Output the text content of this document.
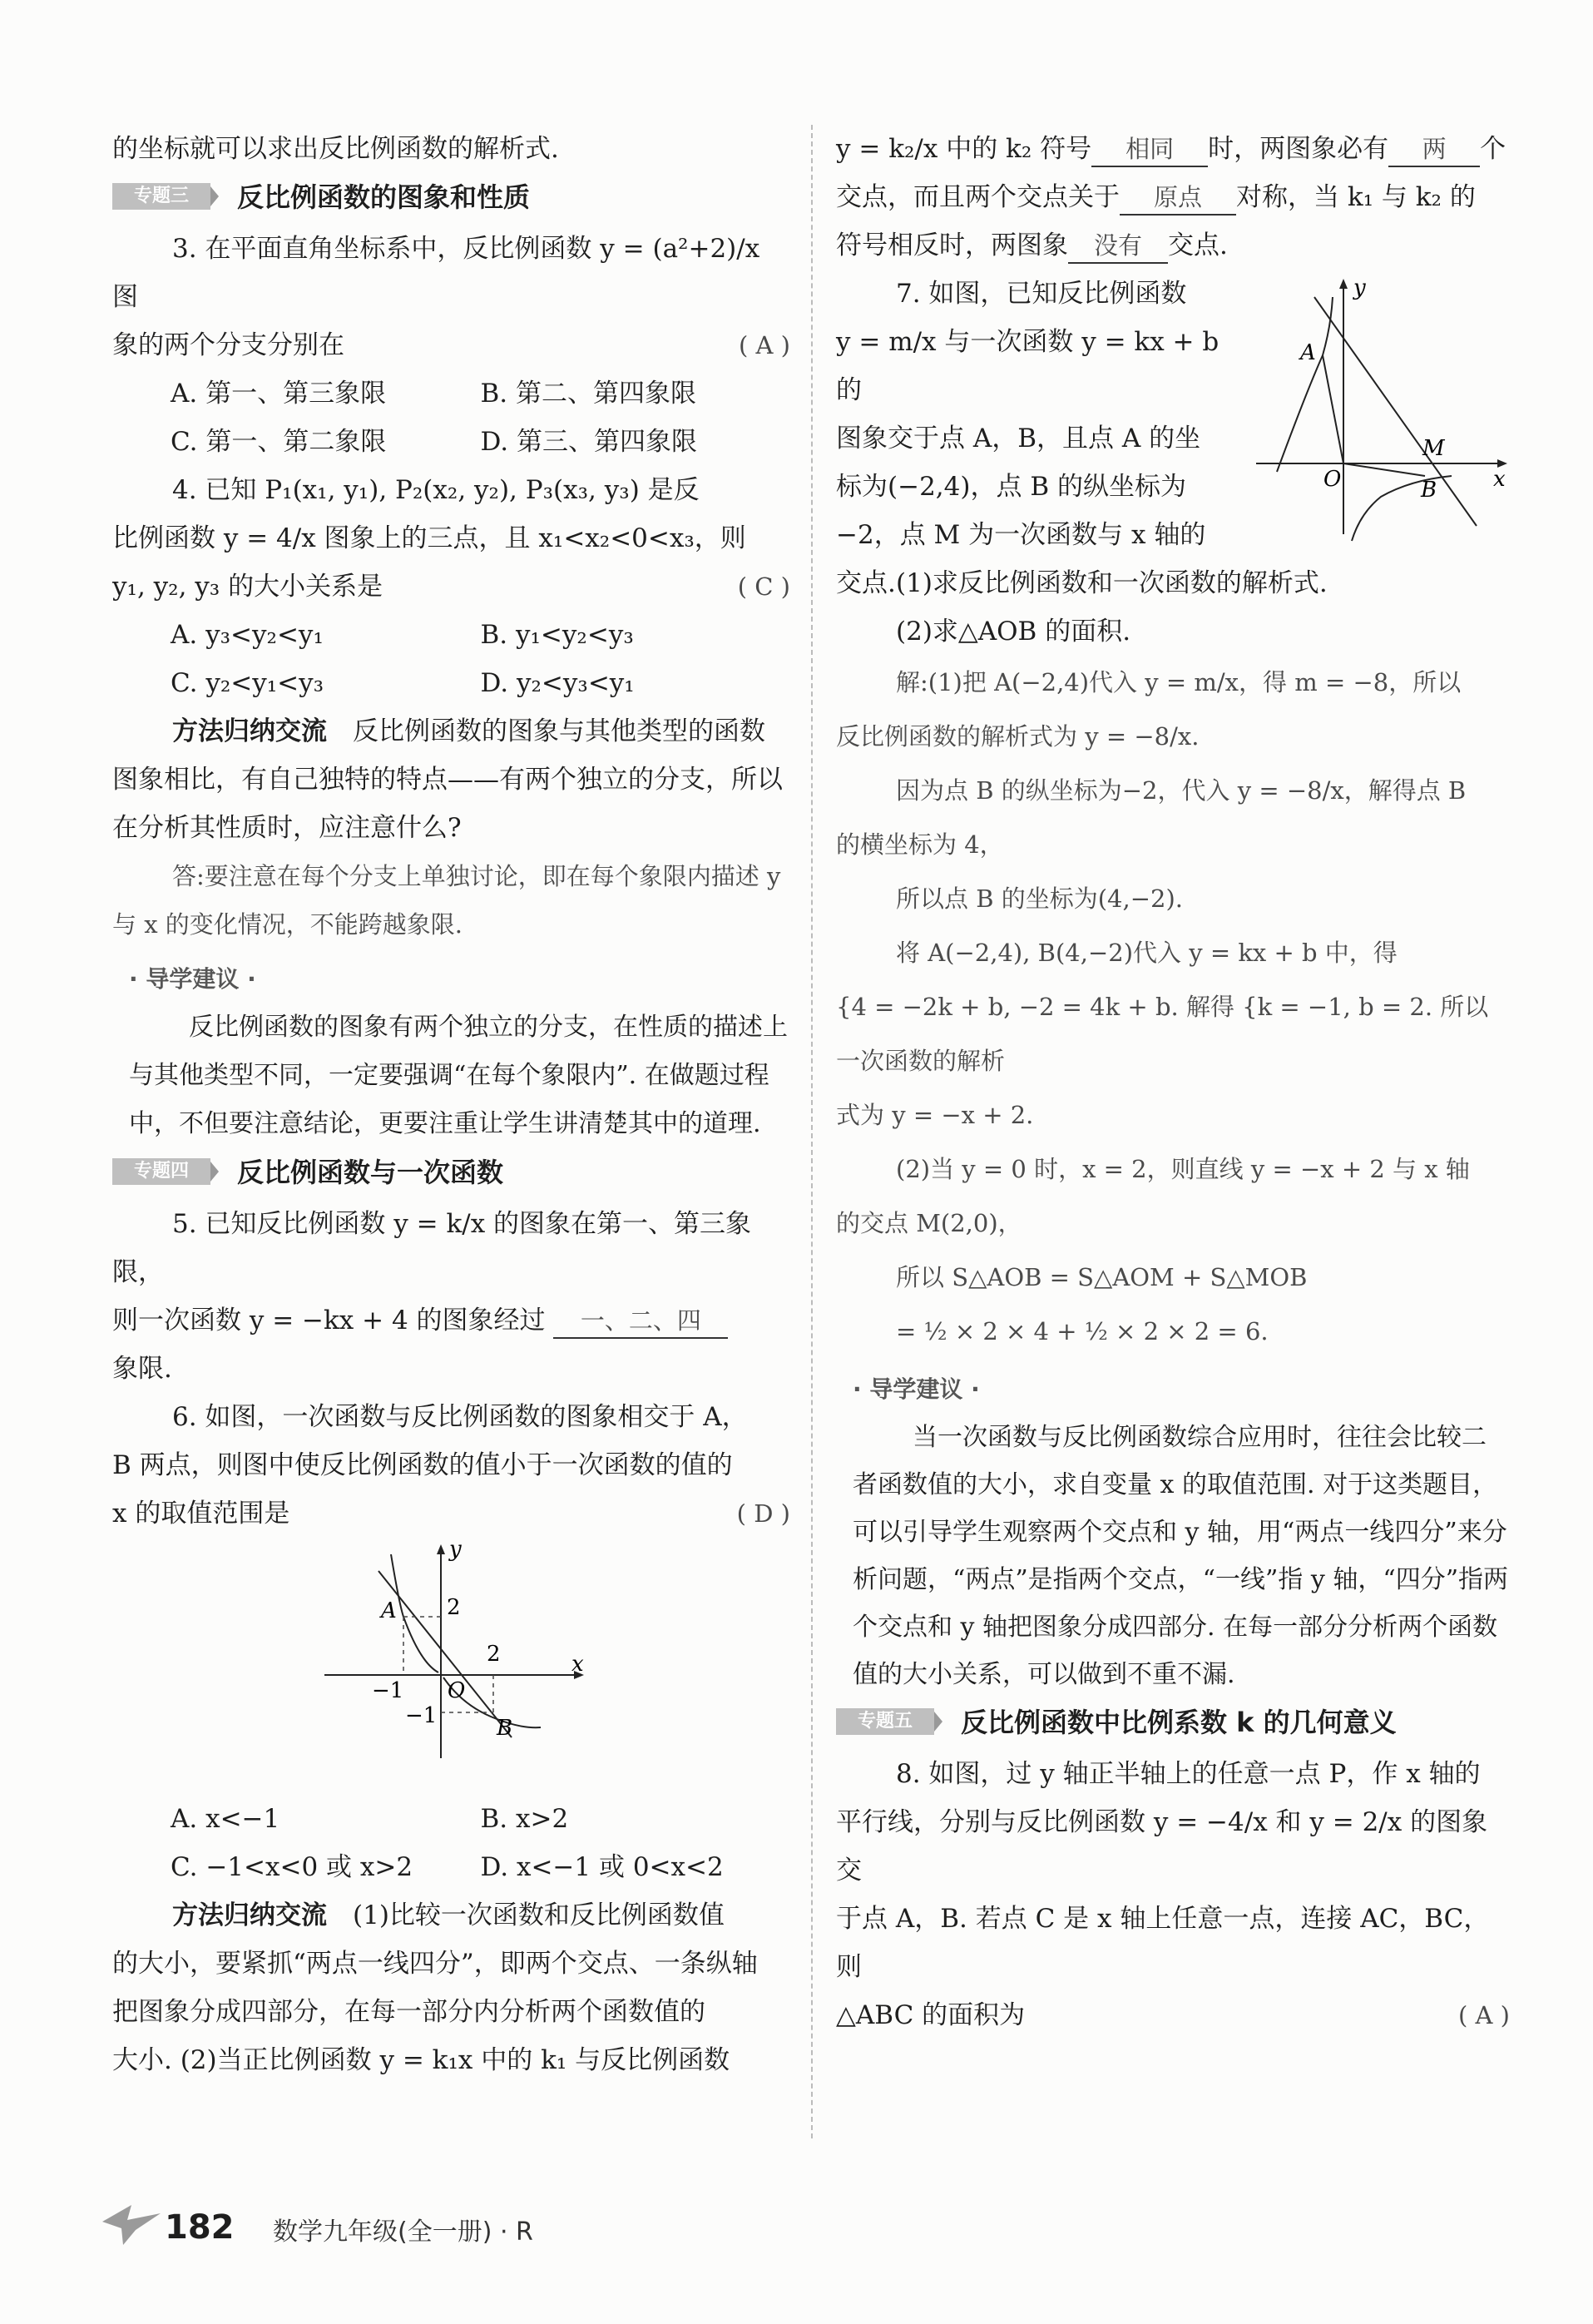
的坐标就可以求出反比例函数的解析式.

专题三	反比例函数的图象和性质

3. 在平面直角坐标系中，反比例函数 y = (a²+2)/x 图

象的两个分支分别在	( A )

A. 第一、第三象限	B. 第二、第四象限
C. 第一、第二象限	D. 第三、第四象限

4. 已知 P₁(x₁, y₁), P₂(x₂, y₂), P₃(x₃, y₃) 是反

比例函数 y = 4/x 图象上的三点，且 x₁<x₂<0<x₃，则

y₁, y₂, y₃ 的大小关系是	( C )

A. y₃<y₂<y₁	B. y₁<y₂<y₃
C. y₂<y₁<y₃	D. y₂<y₃<y₁

方法归纳交流　 反比例函数的图象与其他类型的函数图象相比，有自己独特的特点——有两个独立的分支，所以在分析其性质时，应注意什么?

答:要注意在每个分支上单独讨论，即在每个象限内描述 y 与 x 的变化情况，不能跨越象限.

· 导学建议 ·

反比例函数的图象有两个独立的分支，在性质的描述上与其他类型不同，一定要强调“在每个象限内”. 在做题过程中，不但要注意结论，更要注重让学生讲清楚其中的道理.

专题四	反比例函数与一次函数

5. 已知反比例函数 y = k/x 的图象在第一、第三象限，

则一次函数 y = −kx + 4 的图象经过 一、二、四

象限.

6. 如图，一次函数与反比例函数的图象相交于 A，

B 两点，则图中使反比例函数的值小于一次函数的值的

x 的取值范围是	( D )

y
x
O
A
B
2
2
−1
−1
A. x<−1	B. x>2
C. −1<x<0 或 x>2	D. x<−1 或 0<x<2

方法归纳交流　 (1)比较一次函数和反比例函数值

的大小，要紧抓“两点一线四分”，即两个交点、一条纵轴

把图象分成四部分，在每一部分内分析两个函数值的

大小. (2)当正比例函数 y = k₁x 中的 k₁ 与反比例函数

y = k₂/x 中的 k₂ 符号 相同 时，两图象必有 两 个

交点，而且两个交点关于 原点 对称，当 k₁ 与 k₂ 的

符号相反时，两图象 没有 交点.

7. 如图，已知反比例函数

y = m/x 与一次函数 y = kx + b 的

图象交于点 A，B，且点 A 的坐

标为(−2,4)，点 B 的纵坐标为

−2，点 M 为一次函数与 x 轴的

交点.

y
x
O
A
B
M

(1)求反比例函数和一次函数的解析式.

(2)求△AOB 的面积.

解:(1)把 A(−2,4)代入 y = m/x，得 m = −8，所以

反比例函数的解析式为 y = −8/x.

因为点 B 的纵坐标为−2，代入 y = −8/x，解得点 B

的横坐标为 4，

所以点 B 的坐标为(4,−2).

将 A(−2,4), B(4,−2)代入 y = kx + b 中，得

{4 = −2k + b, −2 = 4k + b. 解得 {k = −1, b = 2. 所以一次函数的解析

式为 y = −x + 2.

(2)当 y = 0 时，x = 2，则直线 y = −x + 2 与 x 轴

的交点 M(2,0)，

所以 S△AOB = S△AOM + S△MOB

= ½ × 2 × 4 + ½ × 2 × 2 = 6.

· 导学建议 ·

当一次函数与反比例函数综合应用时，往往会比较二者函数值的大小，求自变量 x 的取值范围. 对于这类题目，可以引导学生观察两个交点和 y 轴，用“两点一线四分”来分析问题，“两点”是指两个交点，“一线”指 y 轴，“四分”指两个交点和 y 轴把图象分成四部分. 在每一部分分析两个函数值的大小关系，可以做到不重不漏.

专题五	反比例函数中比例系数 k 的几何意义

8. 如图，过 y 轴正半轴上的任意一点 P，作 x 轴的

平行线，分别与反比例函数 y = −4/x 和 y = 2/x 的图象交

于点 A，B. 若点 C 是 x 轴上任意一点，连接 AC，BC，则

△ABC 的面积为	( A )

182 数学九年级(全一册) · R
